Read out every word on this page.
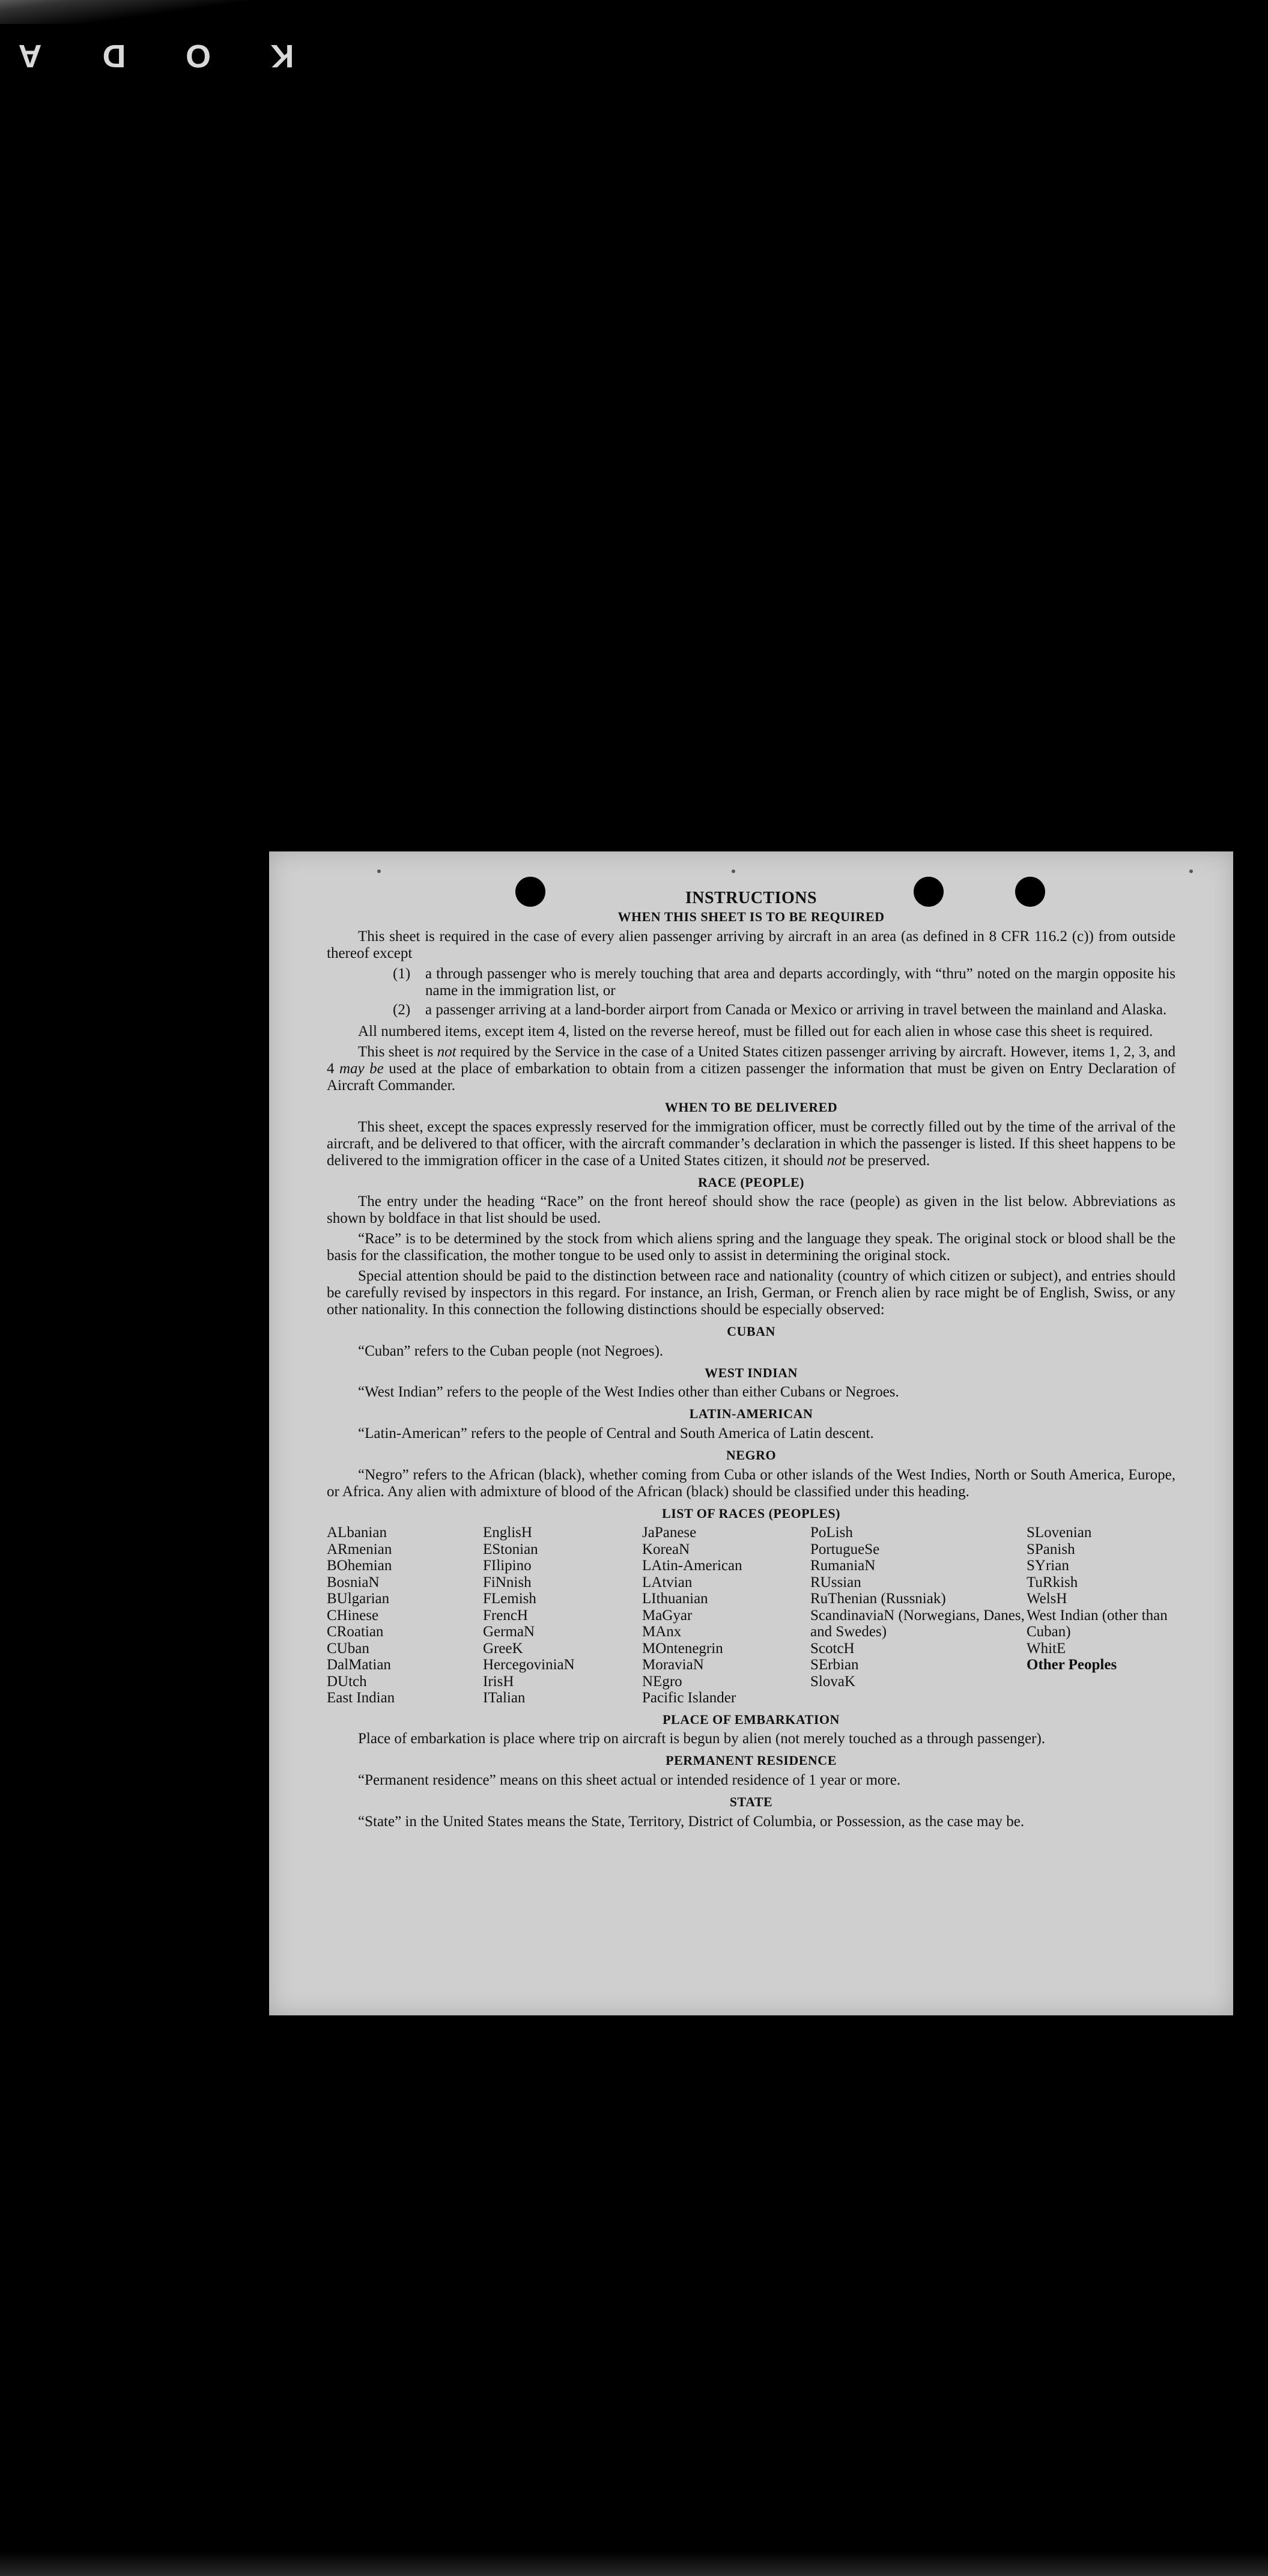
K
O
D
A
INSTRUCTIONS
WHEN THIS SHEET IS TO BE REQUIRED

This sheet is required in the case of every alien passenger arriving by aircraft in an area (as defined in 8 CFR 116.2 (c)) from outside thereof except

(1) a through passenger who is merely touching that area and departs accordingly, with “thru” noted on the margin opposite his name in the immigration list, or
(2) a passenger arriving at a land-border airport from Canada or Mexico or arriving in travel between the mainland and Alaska.

All numbered items, except item 4, listed on the reverse hereof, must be filled out for each alien in whose case this sheet is required.

This sheet is not required by the Service in the case of a United States citizen passenger arriving by aircraft. However, items 1, 2, 3, and 4 may be used at the place of embarkation to obtain from a citizen passenger the information that must be given on Entry Declaration of Aircraft Commander.

WHEN TO BE DELIVERED

This sheet, except the spaces expressly reserved for the immigration officer, must be correctly filled out by the time of the arrival of the aircraft, and be delivered to that officer, with the aircraft commander’s declaration in which the passenger is listed. If this sheet happens to be delivered to the immigration officer in the case of a United States citizen, it should not be preserved.

RACE (PEOPLE)

The entry under the heading “Race” on the front hereof should show the race (people) as given in the list below. Abbreviations as shown by boldface in that list should be used.

“Race” is to be determined by the stock from which aliens spring and the language they speak. The original stock or blood shall be the basis for the classification, the mother tongue to be used only to assist in determining the original stock.

Special attention should be paid to the distinction between race and nationality (country of which citizen or subject), and entries should be carefully revised by inspectors in this regard. For instance, an Irish, German, or French alien by race might be of English, Swiss, or any other nationality. In this connection the following distinctions should be especially observed:

CUBAN

“Cuban” refers to the Cuban people (not Negroes).

WEST INDIAN

“West Indian” refers to the people of the West Indies other than either Cubans or Negroes.

LATIN-AMERICAN

“Latin-American” refers to the people of Central and South America of Latin descent.

NEGRO

“Negro” refers to the African (black), whether coming from Cuba or other islands of the West Indies, North or South America, Europe, or Africa. Any alien with admixture of blood of the African (black) should be classified under this heading.

LIST OF RACES (PEOPLES)
ALbanian
ARmenian
BOhemian
BosniaN
BUlgarian
CHinese
CRoatian
CUban
DalMatian
DUtch
East Indian
EnglisH
EStonian
FIlipino
FiNnish
FLemish
FrencH
GermaN
GreeK
HercegoviniaN
IrisH
ITalian
JaPanese
KoreaN
LAtin-American
LAtvian
LIthuanian
MaGyar
MAnx
MOntenegrin
MoraviaN
NEgro
Pacific Islander
PoLish
PortugueSe
RumaniaN
RUssian
RuThenian (Russniak)
ScandinaviaN (Norwegians, Danes, and Swedes)
ScotcH
SErbian
SlovaK
SLovenian
SPanish
SYrian
TuRkish
WelsH
West Indian (other than Cuban)
WhitE
Other Peoples
PLACE OF EMBARKATION

Place of embarkation is place where trip on aircraft is begun by alien (not merely touched as a through passenger).

PERMANENT RESIDENCE

“Permanent residence” means on this sheet actual or intended residence of 1 year or more.

STATE

“State” in the United States means the State, Territory, District of Columbia, or Possession, as the case may be.
